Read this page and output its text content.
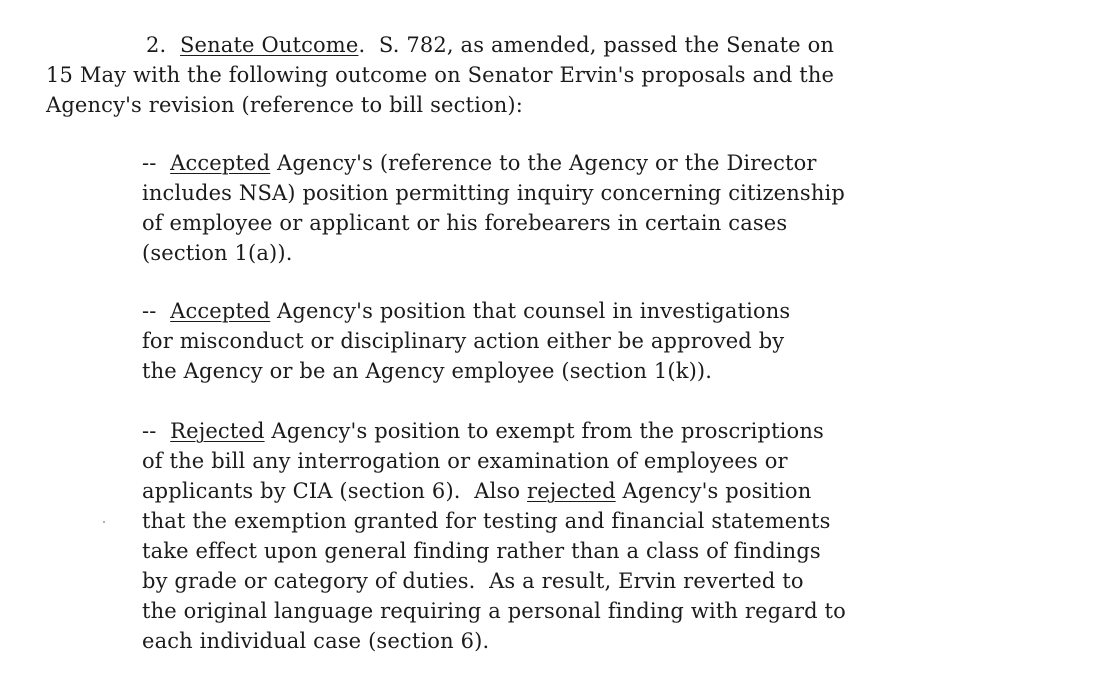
2. Senate Outcome.  S. 782, as amended, passed the Senate on
15 May with the following outcome on Senator Ervin's proposals and the
Agency's revision (reference to bill section):
-- Accepted Agency's (reference to the Agency or the Director
includes NSA) position permitting inquiry concerning citizenship
of employee or applicant or his forebearers in certain cases
(section 1(a)).
-- Accepted Agency's position that counsel in investigations
for misconduct or disciplinary action either be approved by
the Agency or be an Agency employee (section 1(k)).
-- Rejected Agency's position to exempt from the proscriptions
of the bill any interrogation or examination of employees or
applicants by CIA (section 6).  Also rejected Agency's position
that the exemption granted for testing and financial statements
take effect upon general finding rather than a class of findings
by grade or category of duties.  As a result, Ervin reverted to
the original language requiring a personal finding with regard to
each individual case (section 6).
